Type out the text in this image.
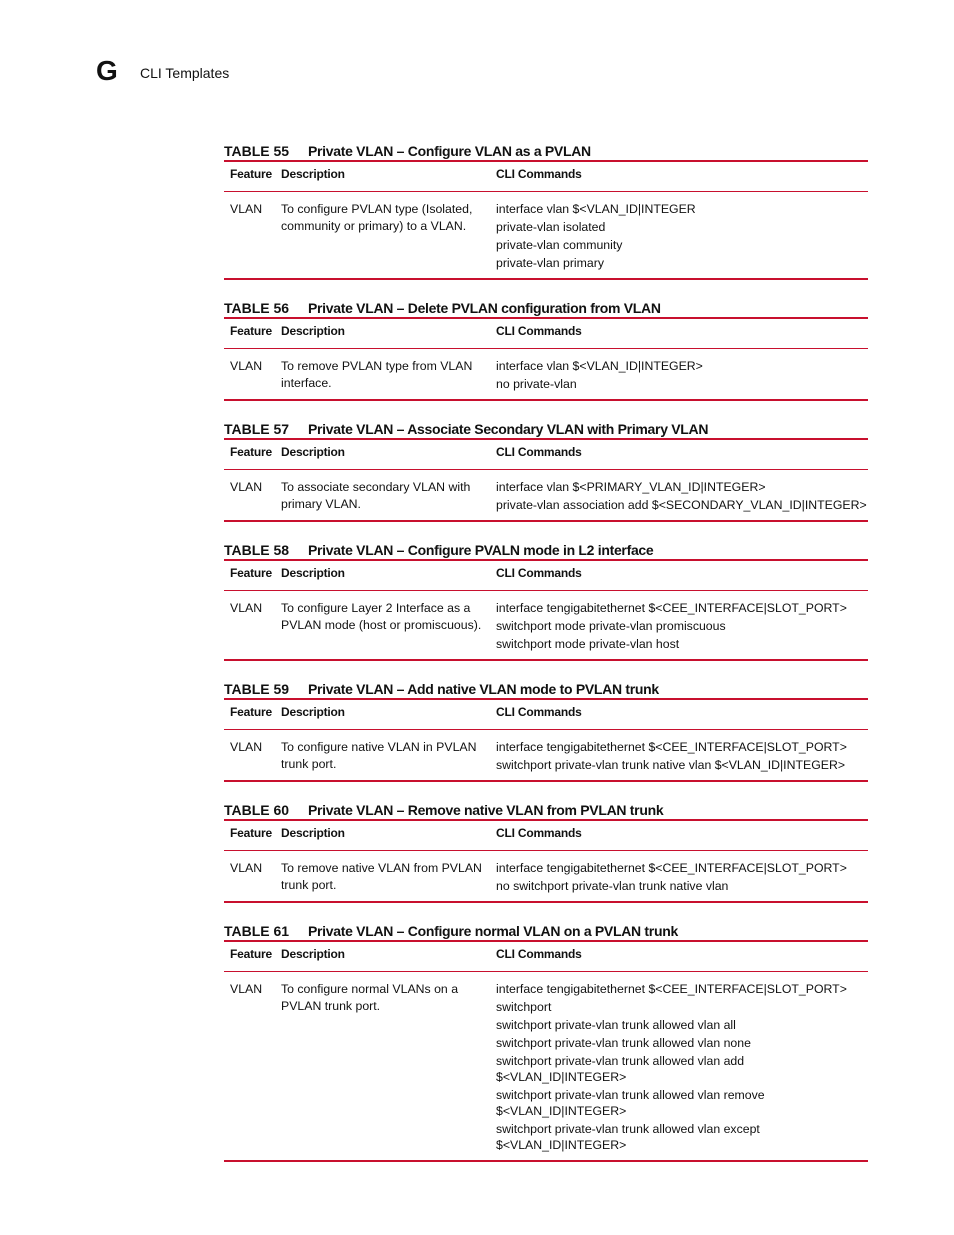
G CLI Templates
TABLE 55	Private VLAN – Configure VLAN as a PVLAN
Feature Description	CLI Commands
VLAN	To configure PVLAN type (Isolated, community or primary) to a VLAN.
interface vlan $<VLAN_ID|INTEGER
private-vlan isolated
private-vlan community
private-vlan primary
TABLE 56	Private VLAN – Delete PVLAN configuration from VLAN
Feature Description	CLI Commands
VLAN	To remove PVLAN type from VLAN interface.
interface vlan $<VLAN_ID|INTEGER>
no private-vlan
TABLE 57	Private VLAN – Associate Secondary VLAN with Primary VLAN
Feature Description	CLI Commands
VLAN	To associate secondary VLAN with primary VLAN.
interface vlan $<PRIMARY_VLAN_ID|INTEGER>
private-vlan association add $<SECONDARY_VLAN_ID|INTEGER>
TABLE 58	Private VLAN – Configure PVALN mode in L2 interface
Feature Description	CLI Commands
VLAN	To configure Layer 2 Interface as a PVLAN mode (host or promiscuous).
interface tengigabitethernet $<CEE_INTERFACE|SLOT_PORT>
switchport mode private-vlan promiscuous
switchport mode private-vlan host
TABLE 59	Private VLAN – Add native VLAN mode to PVLAN trunk
Feature Description	CLI Commands
VLAN	To configure native VLAN in PVLAN trunk port.
interface tengigabitethernet $<CEE_INTERFACE|SLOT_PORT>
switchport private-vlan trunk native vlan $<VLAN_ID|INTEGER>
TABLE 60	Private VLAN – Remove native VLAN from PVLAN trunk
Feature Description	CLI Commands
VLAN	To remove native VLAN from PVLAN trunk port.
interface tengigabitethernet $<CEE_INTERFACE|SLOT_PORT>
no switchport private-vlan trunk native vlan
TABLE 61	Private VLAN – Configure normal VLAN on a PVLAN trunk
Feature Description	CLI Commands
VLAN	To configure normal VLANs on a PVLAN trunk port.
interface tengigabitethernet $<CEE_INTERFACE|SLOT_PORT>
switchport
switchport private-vlan trunk allowed vlan all
switchport private-vlan trunk allowed vlan none
switchport private-vlan trunk allowed vlan add $<VLAN_ID|INTEGER>
switchport private-vlan trunk allowed vlan remove $<VLAN_ID|INTEGER>
switchport private-vlan trunk allowed vlan except $<VLAN_ID|INTEGER>
